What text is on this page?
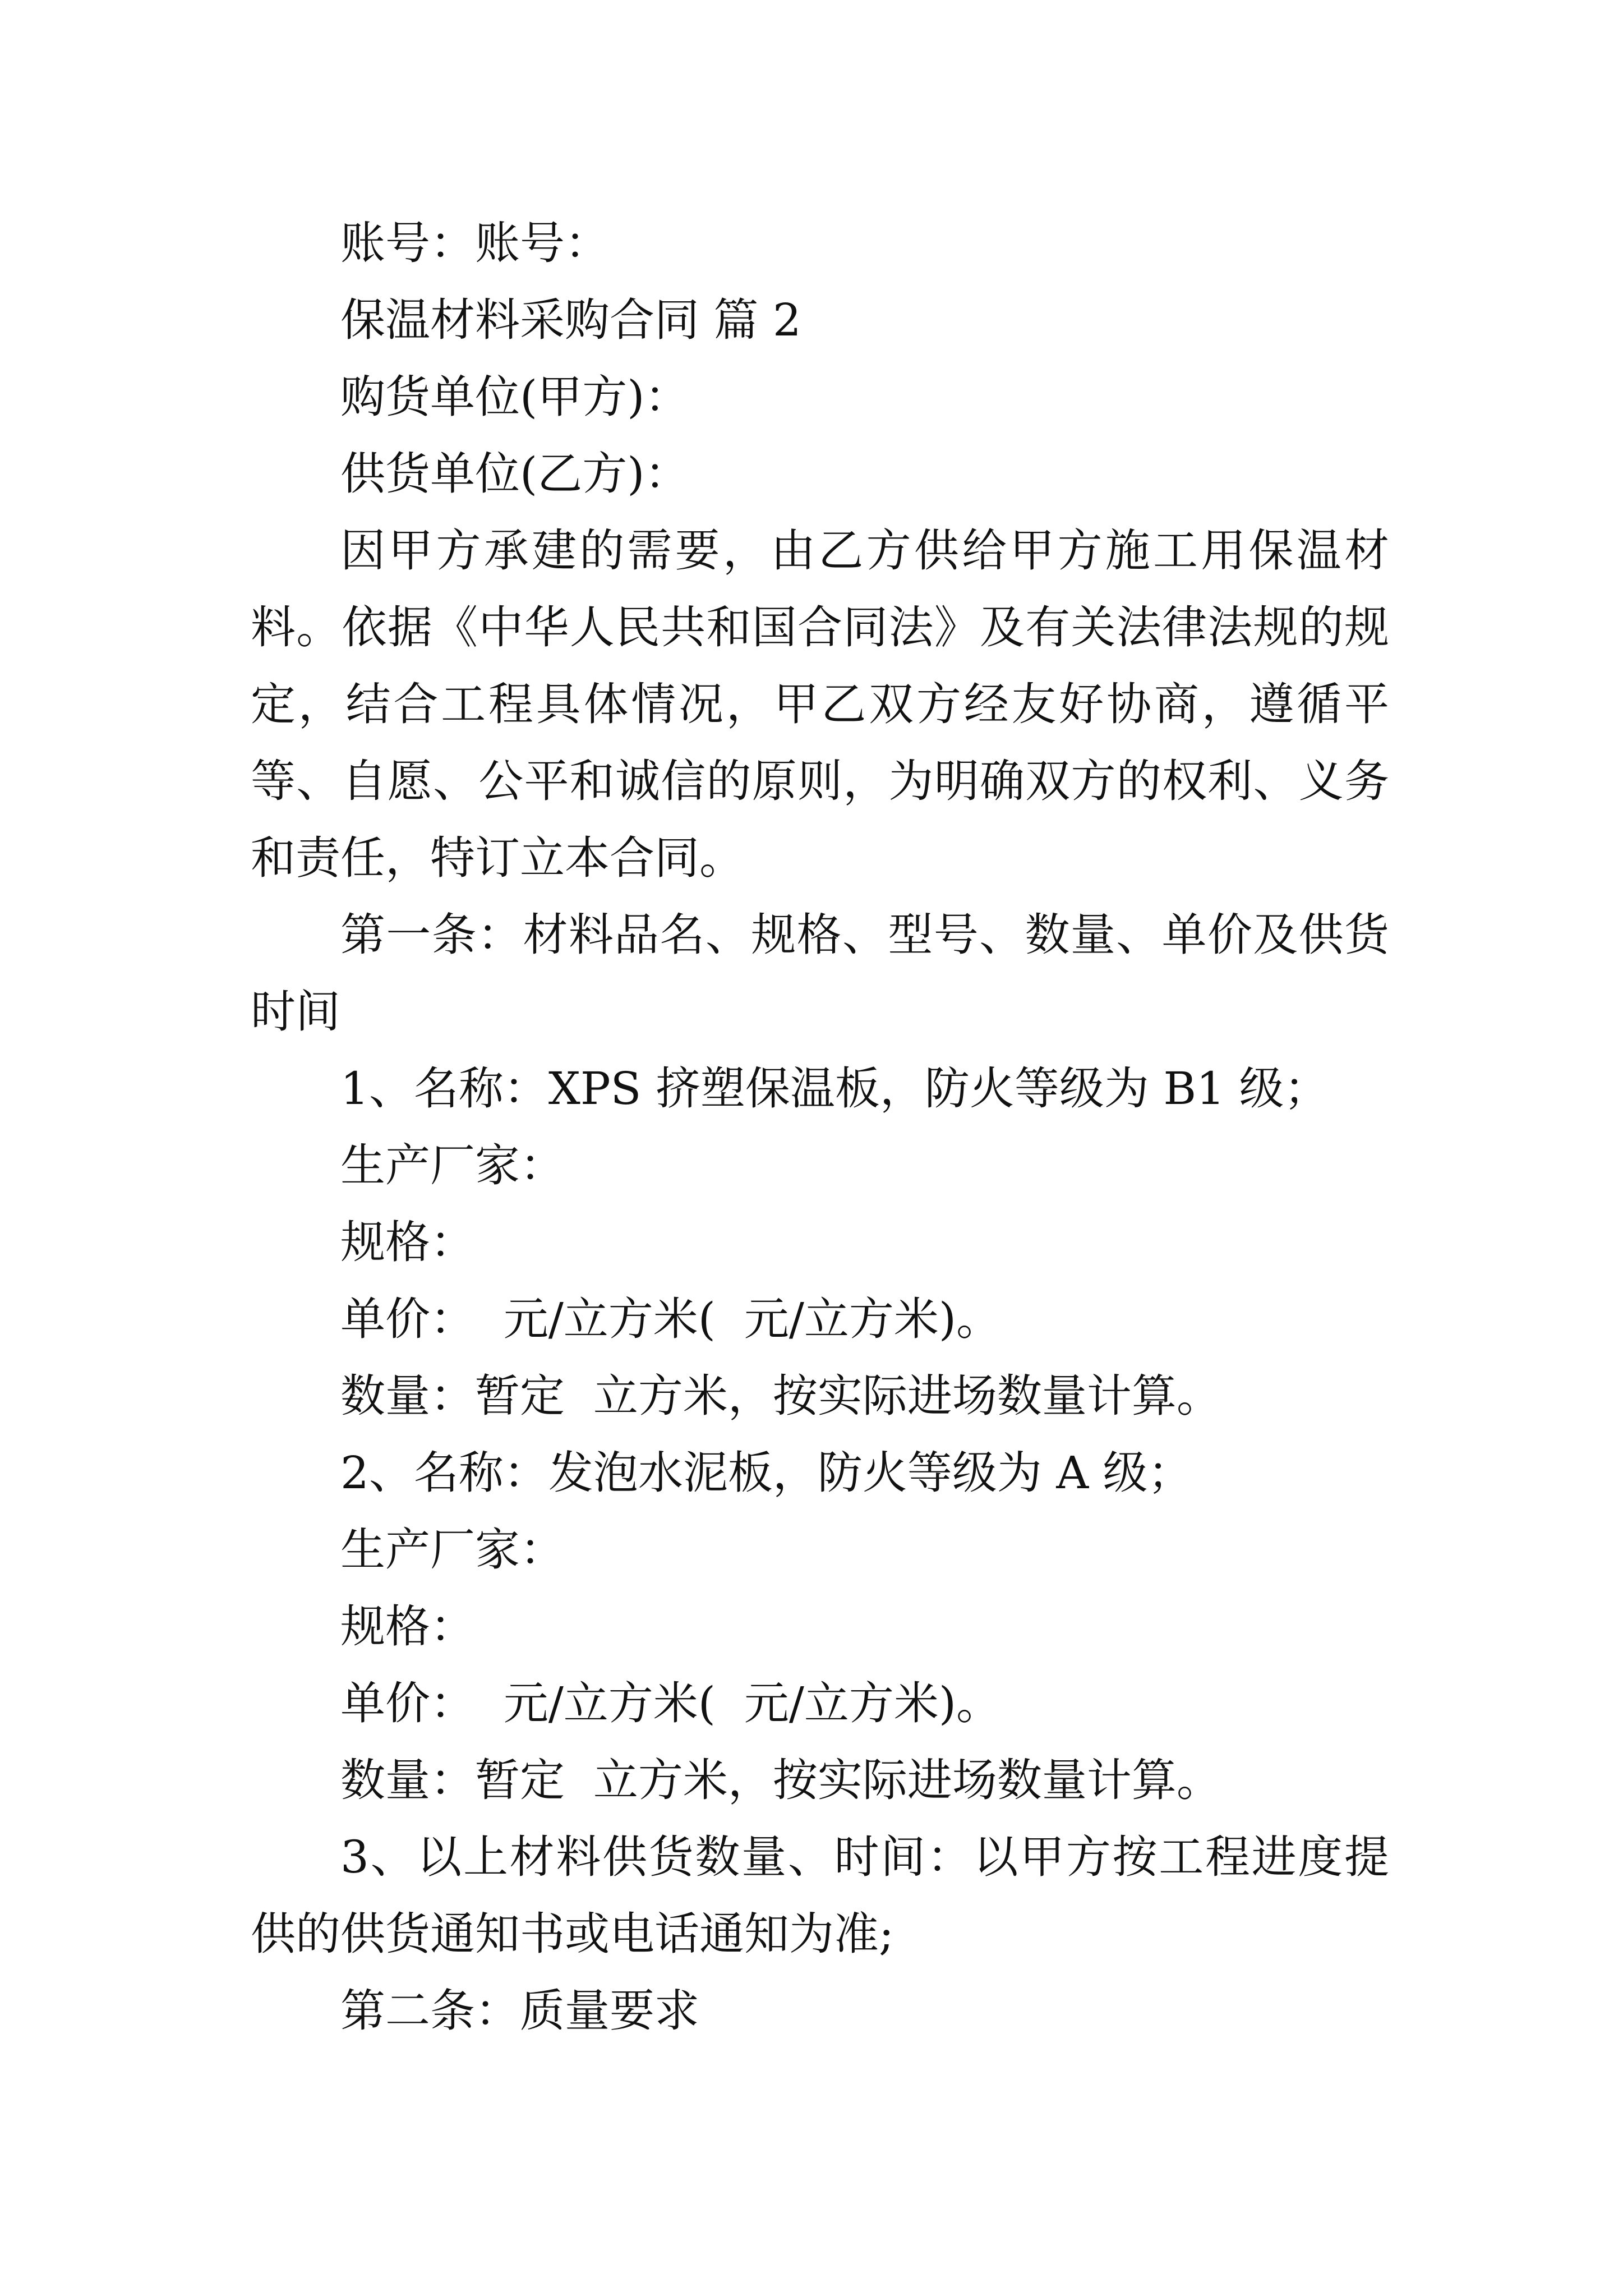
账号：账号：

保温材料采购合同 篇 2

购货单位(甲方)：

供货单位(乙方)：

因甲方承建的需要，由乙方供给甲方施工用保温材料。依据《中华人民共和国合同法》及有关法律法规的规定，结合工程具体情况，甲乙双方经友好协商，遵循平等、自愿、公平和诚信的原则，为明确双方的权利、义务和责任，特订立本合同。

第一条：材料品名、规格、型号、数量、单价及供货时间

1、名称：XPS 挤塑保温板，防火等级为 B1 级；

生产厂家：

规格：

单价：  元/立方米(  元/立方米)。

数量：暂定  立方米，按实际进场数量计算。

2、名称：发泡水泥板，防火等级为 A 级；

生产厂家：

规格：

单价：  元/立方米(  元/立方米)。

数量：暂定  立方米，按实际进场数量计算。

3、以上材料供货数量、时间：以甲方按工程进度提供的供货通知书或电话通知为准;

第二条：质量要求
